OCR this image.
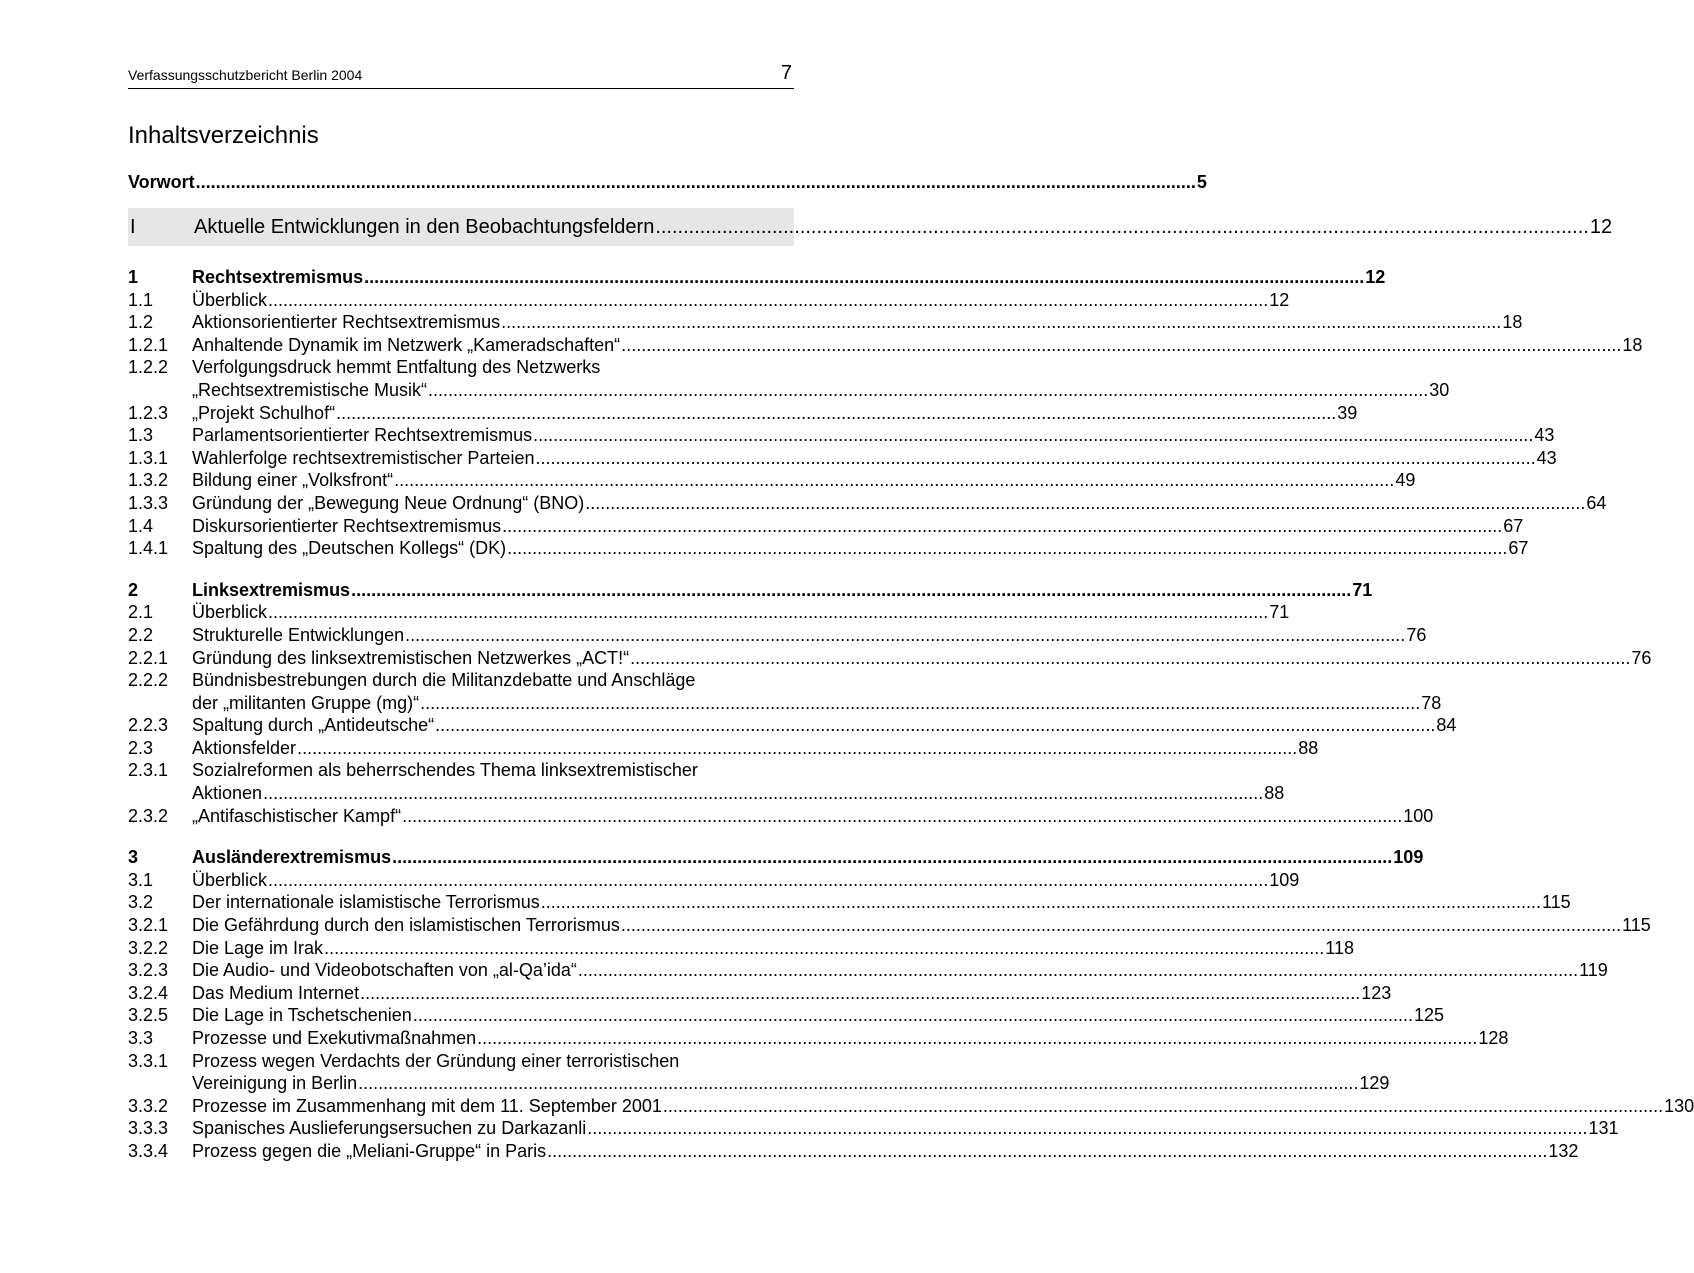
Verfassungsschutzbericht Berlin 2004	7
Inhaltsverzeichnis
Vorwort .....	5
I	Aktuelle Entwicklungen in den Beobachtungsfeldern .....	12
1	Rechtsextremismus .....	12
1.1	Überblick .....	12
1.2	Aktionsorientierter Rechtsextremismus .....	18
1.2.1	Anhaltende Dynamik im Netzwerk „Kameradschaften“ .....	18
1.2.2	Verfolgungsdruck hemmt Entfaltung des Netzwerks
„Rechtsextremistische Musik“ .....	30
1.2.3	„Projekt Schulhof“ .....	39
1.3	Parlamentsorientierter Rechtsextremismus .....	43
1.3.1	Wahlerfolge rechtsextremistischer Parteien .....	43
1.3.2	Bildung einer „Volksfront“ .....	49
1.3.3	Gründung der „Bewegung Neue Ordnung“ (BNO) .....	64
1.4	Diskursorientierter Rechtsextremismus .....	67
1.4.1	Spaltung des „Deutschen Kollegs“ (DK) .....	67
2	Linksextremismus .....	71
2.1	Überblick .....	71
2.2	Strukturelle Entwicklungen .....	76
2.2.1	Gründung des linksextremistischen Netzwerkes „ACT!“ .....	76
2.2.2	Bündnisbestrebungen durch die Militanzdebatte und Anschläge
der „militanten Gruppe (mg)“ .....	78
2.2.3	Spaltung durch „Antideutsche“ .....	84
2.3	Aktionsfelder .....	88
2.3.1	Sozialreformen als beherrschendes Thema linksextremistischer
Aktionen .....	88
2.3.2	„Antifaschistischer Kampf“ .....	100
3	Ausländerextremismus .....	109
3.1	Überblick .....	109
3.2	Der internationale islamistische Terrorismus .....	115
3.2.1	Die Gefährdung durch den islamistischen Terrorismus .....	115
3.2.2	Die Lage im Irak .....	118
3.2.3	Die Audio- und Videobotschaften von „al-Qa’ida“ .....	119
3.2.4	Das Medium Internet .....	123
3.2.5	Die Lage in Tschetschenien .....	125
3.3	Prozesse und Exekutivmaßnahmen .....	128
3.3.1	Prozess wegen Verdachts der Gründung einer terroristischen
Vereinigung in Berlin .....	129
3.3.2	Prozesse im Zusammenhang mit dem 11. September 2001 .....	130
3.3.3	Spanisches Auslieferungsersuchen zu Darkazanli .....	131
3.3.4	Prozess gegen die „Meliani-Gruppe“ in Paris .....	132
